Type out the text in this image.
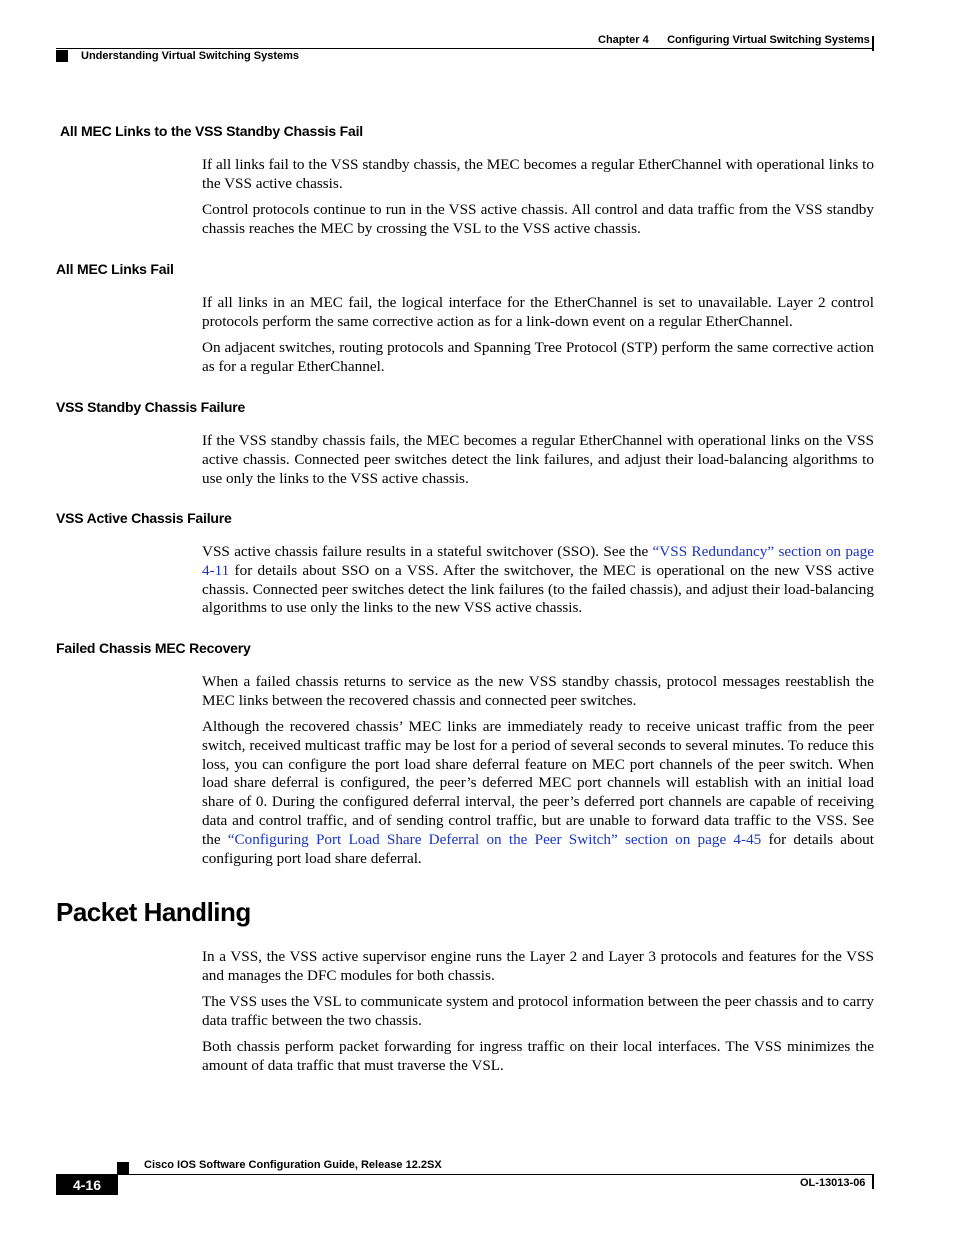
Chapter 4 Configuring Virtual Switching Systems
Understanding Virtual Switching Systems
All MEC Links to the VSS Standby Chassis Fail
If all links fail to the VSS standby chassis, the MEC becomes a regular EtherChannel with operational links to the VSS active chassis.
Control protocols continue to run in the VSS active chassis. All control and data traffic from the VSS standby chassis reaches the MEC by crossing the VSL to the VSS active chassis.
All MEC Links Fail
If all links in an MEC fail, the logical interface for the EtherChannel is set to unavailable. Layer 2 control protocols perform the same corrective action as for a link-down event on a regular EtherChannel.
On adjacent switches, routing protocols and Spanning Tree Protocol (STP) perform the same corrective action as for a regular EtherChannel.
VSS Standby Chassis Failure
If the VSS standby chassis fails, the MEC becomes a regular EtherChannel with operational links on the VSS active chassis. Connected peer switches detect the link failures, and adjust their load-balancing algorithms to use only the links to the VSS active chassis.
VSS Active Chassis Failure
VSS active chassis failure results in a stateful switchover (SSO). See the “VSS Redundancy” section on page 4-11 for details about SSO on a VSS. After the switchover, the MEC is operational on the new VSS active chassis. Connected peer switches detect the link failures (to the failed chassis), and adjust their load-balancing algorithms to use only the links to the new VSS active chassis.
Failed Chassis MEC Recovery
When a failed chassis returns to service as the new VSS standby chassis, protocol messages reestablish the MEC links between the recovered chassis and connected peer switches.
Although the recovered chassis’ MEC links are immediately ready to receive unicast traffic from the peer switch, received multicast traffic may be lost for a period of several seconds to several minutes. To reduce this loss, you can configure the port load share deferral feature on MEC port channels of the peer switch. When load share deferral is configured, the peer’s deferred MEC port channels will establish with an initial load share of 0. During the configured deferral interval, the peer’s deferred port channels are capable of receiving data and control traffic, and of sending control traffic, but are unable to forward data traffic to the VSS. See the “Configuring Port Load Share Deferral on the Peer Switch” section on page 4-45 for details about configuring port load share deferral.
Packet Handling
In a VSS, the VSS active supervisor engine runs the Layer 2 and Layer 3 protocols and features for the VSS and manages the DFC modules for both chassis.
The VSS uses the VSL to communicate system and protocol information between the peer chassis and to carry data traffic between the two chassis.
Both chassis perform packet forwarding for ingress traffic on their local interfaces. The VSS minimizes the amount of data traffic that must traverse the VSL.
Cisco IOS Software Configuration Guide, Release 12.2SX
4-16	OL-13013-06
